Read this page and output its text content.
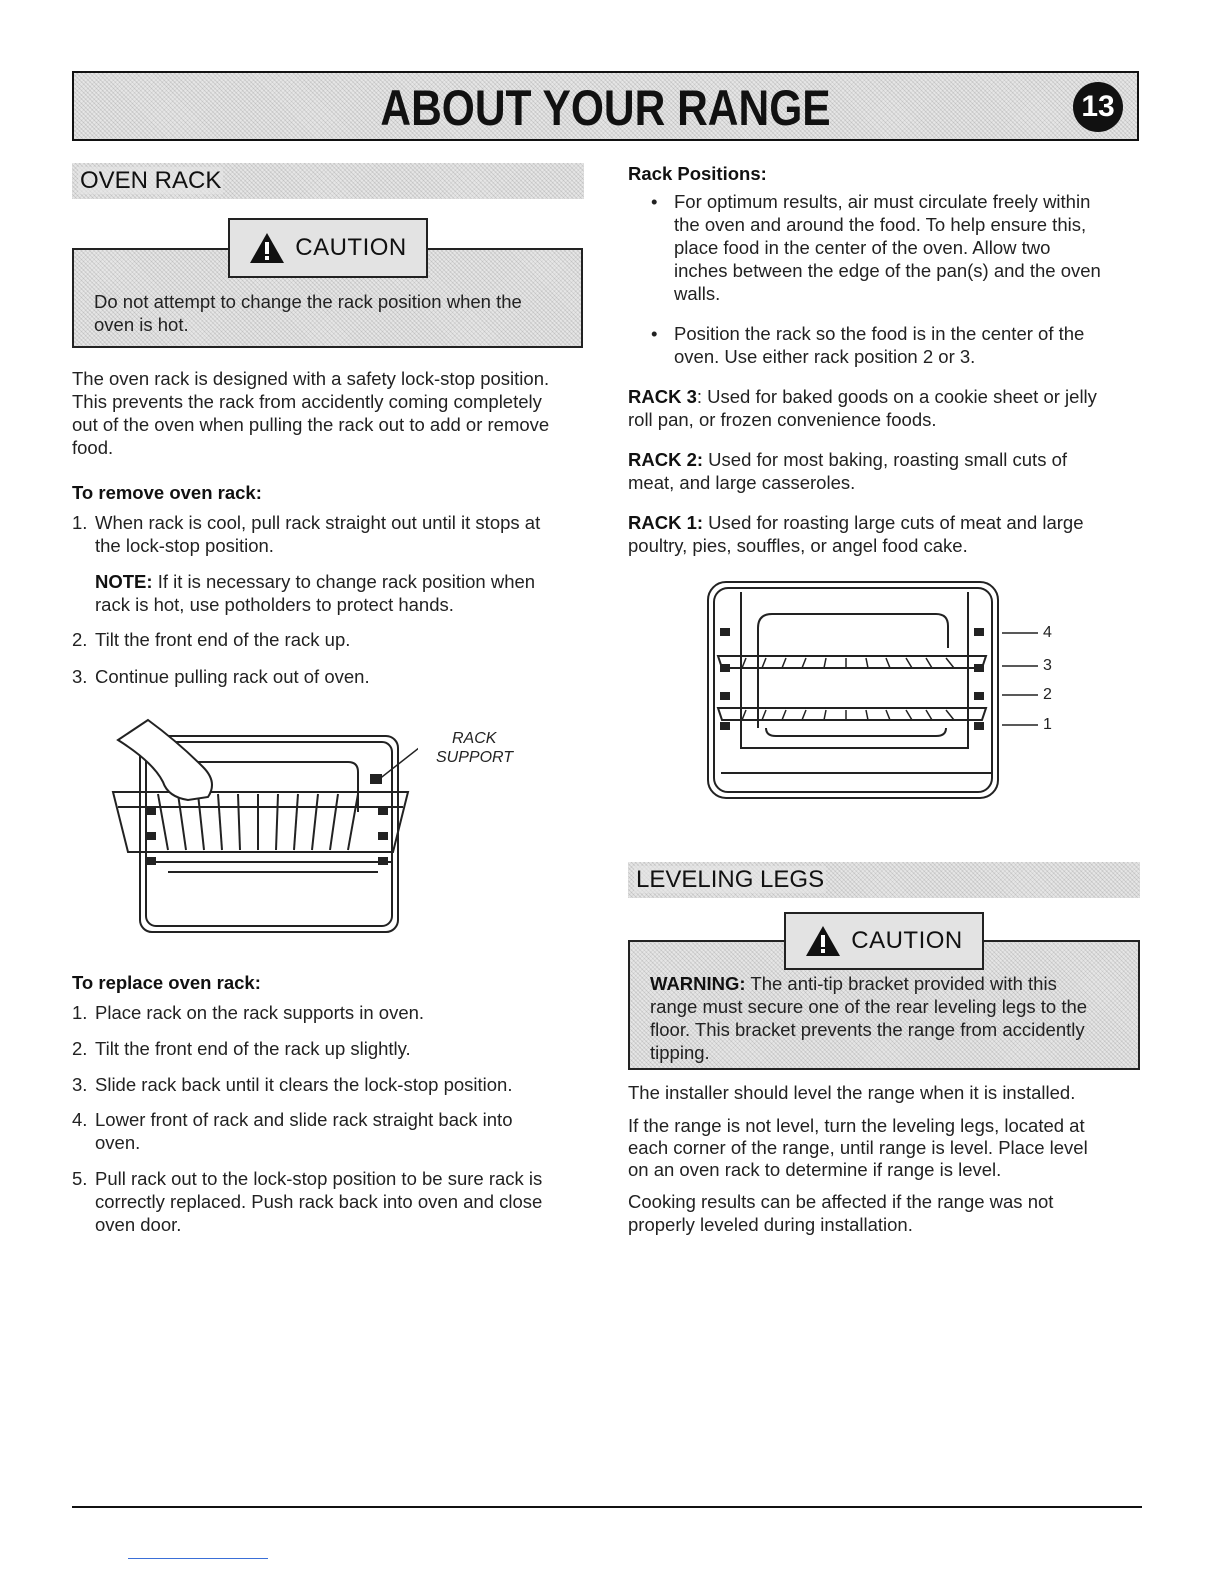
ABOUT YOUR RANGE	13
OVEN RACK
CAUTION
Do not attempt to change the rack position when the
oven is hot.
The oven rack is designed with a safety lock-stop position.
This prevents the rack from accidently coming completely
out of the oven when pulling the rack out to add or remove
food.
To remove oven rack:
1. When rack is cool, pull rack straight out until it stops at
the lock-stop position.
NOTE: If it is necessary to change rack position when
rack is hot, use potholders to protect hands.
2. Tilt the front end of the rack up.
3. Continue pulling rack out of oven.
RACK
SUPPORT
To replace oven rack:
1. Place rack on the rack supports in oven.
2. Tilt the front end of the rack up slightly.
3. Slide rack back until it clears the lock-stop position.
4. Lower front of rack and slide rack straight back into
oven.
5. Pull rack out to the lock-stop position to be sure rack is
correctly replaced. Push rack back into oven and close
oven door.
Rack Positions:
• For optimum results, air must circulate freely within
the oven and around the food. To help ensure this,
place food in the center of the oven. Allow two
inches between the edge of the pan(s) and the oven
walls.
• Position the rack so the food is in the center of the
oven. Use either rack position 2 or 3.
RACK 3: Used for baked goods on a cookie sheet or jelly
roll pan, or frozen convenience foods.
RACK 2: Used for most baking, roasting small cuts of
meat, and large casseroles.
RACK 1: Used for roasting large cuts of meat and large
poultry, pies, souffles, or angel food cake.
4
3
2
1
LEVELING LEGS
CAUTION
WARNING: The anti-tip bracket provided with this
range must secure one of the rear leveling legs to the
floor. This bracket prevents the range from accidently
tipping.
The installer should level the range when it is installed.
If the range is not level, turn the leveling legs, located at
each corner of the range, until range is level. Place level
on an oven rack to determine if range is level.
Cooking results can be affected if the range was not
properly leveled during installation.
